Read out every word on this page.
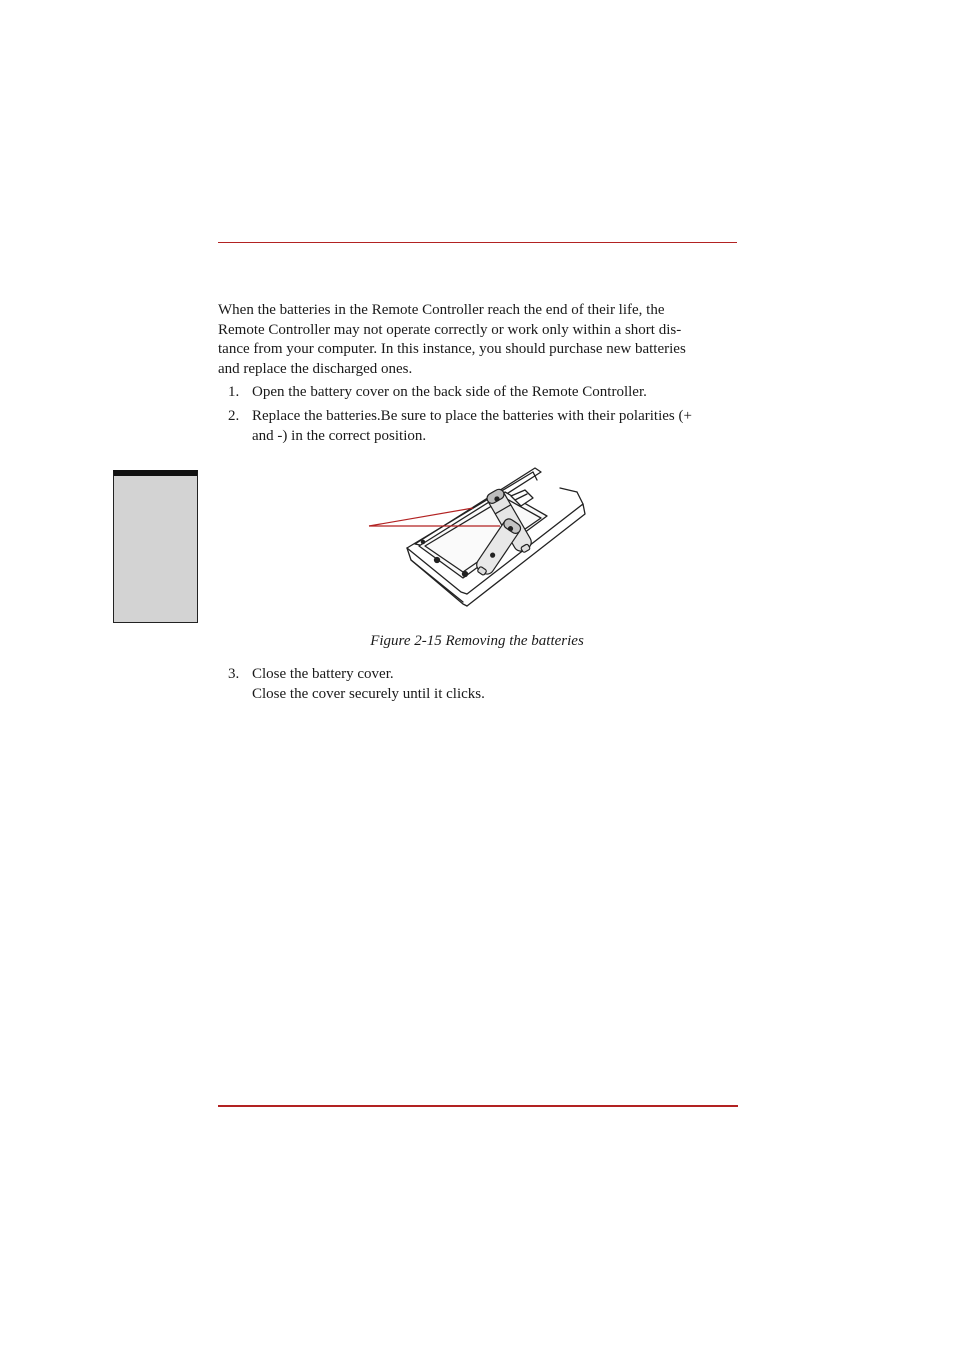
When the batteries in the Remote Controller reach the end of their life, the
Remote Controller may not operate correctly or work only within a short dis-
tance from your computer. In this instance, you should purchase new batteries
and replace the discharged ones.

1. Open the battery cover on the back side of the Remote Controller.
2. Replace the batteries.Be sure to place the batteries with their polarities (+
and -) in the correct position.
Figure 2-15 Removing the batteries
3. Close the battery cover.
Close the cover securely until it clicks.
